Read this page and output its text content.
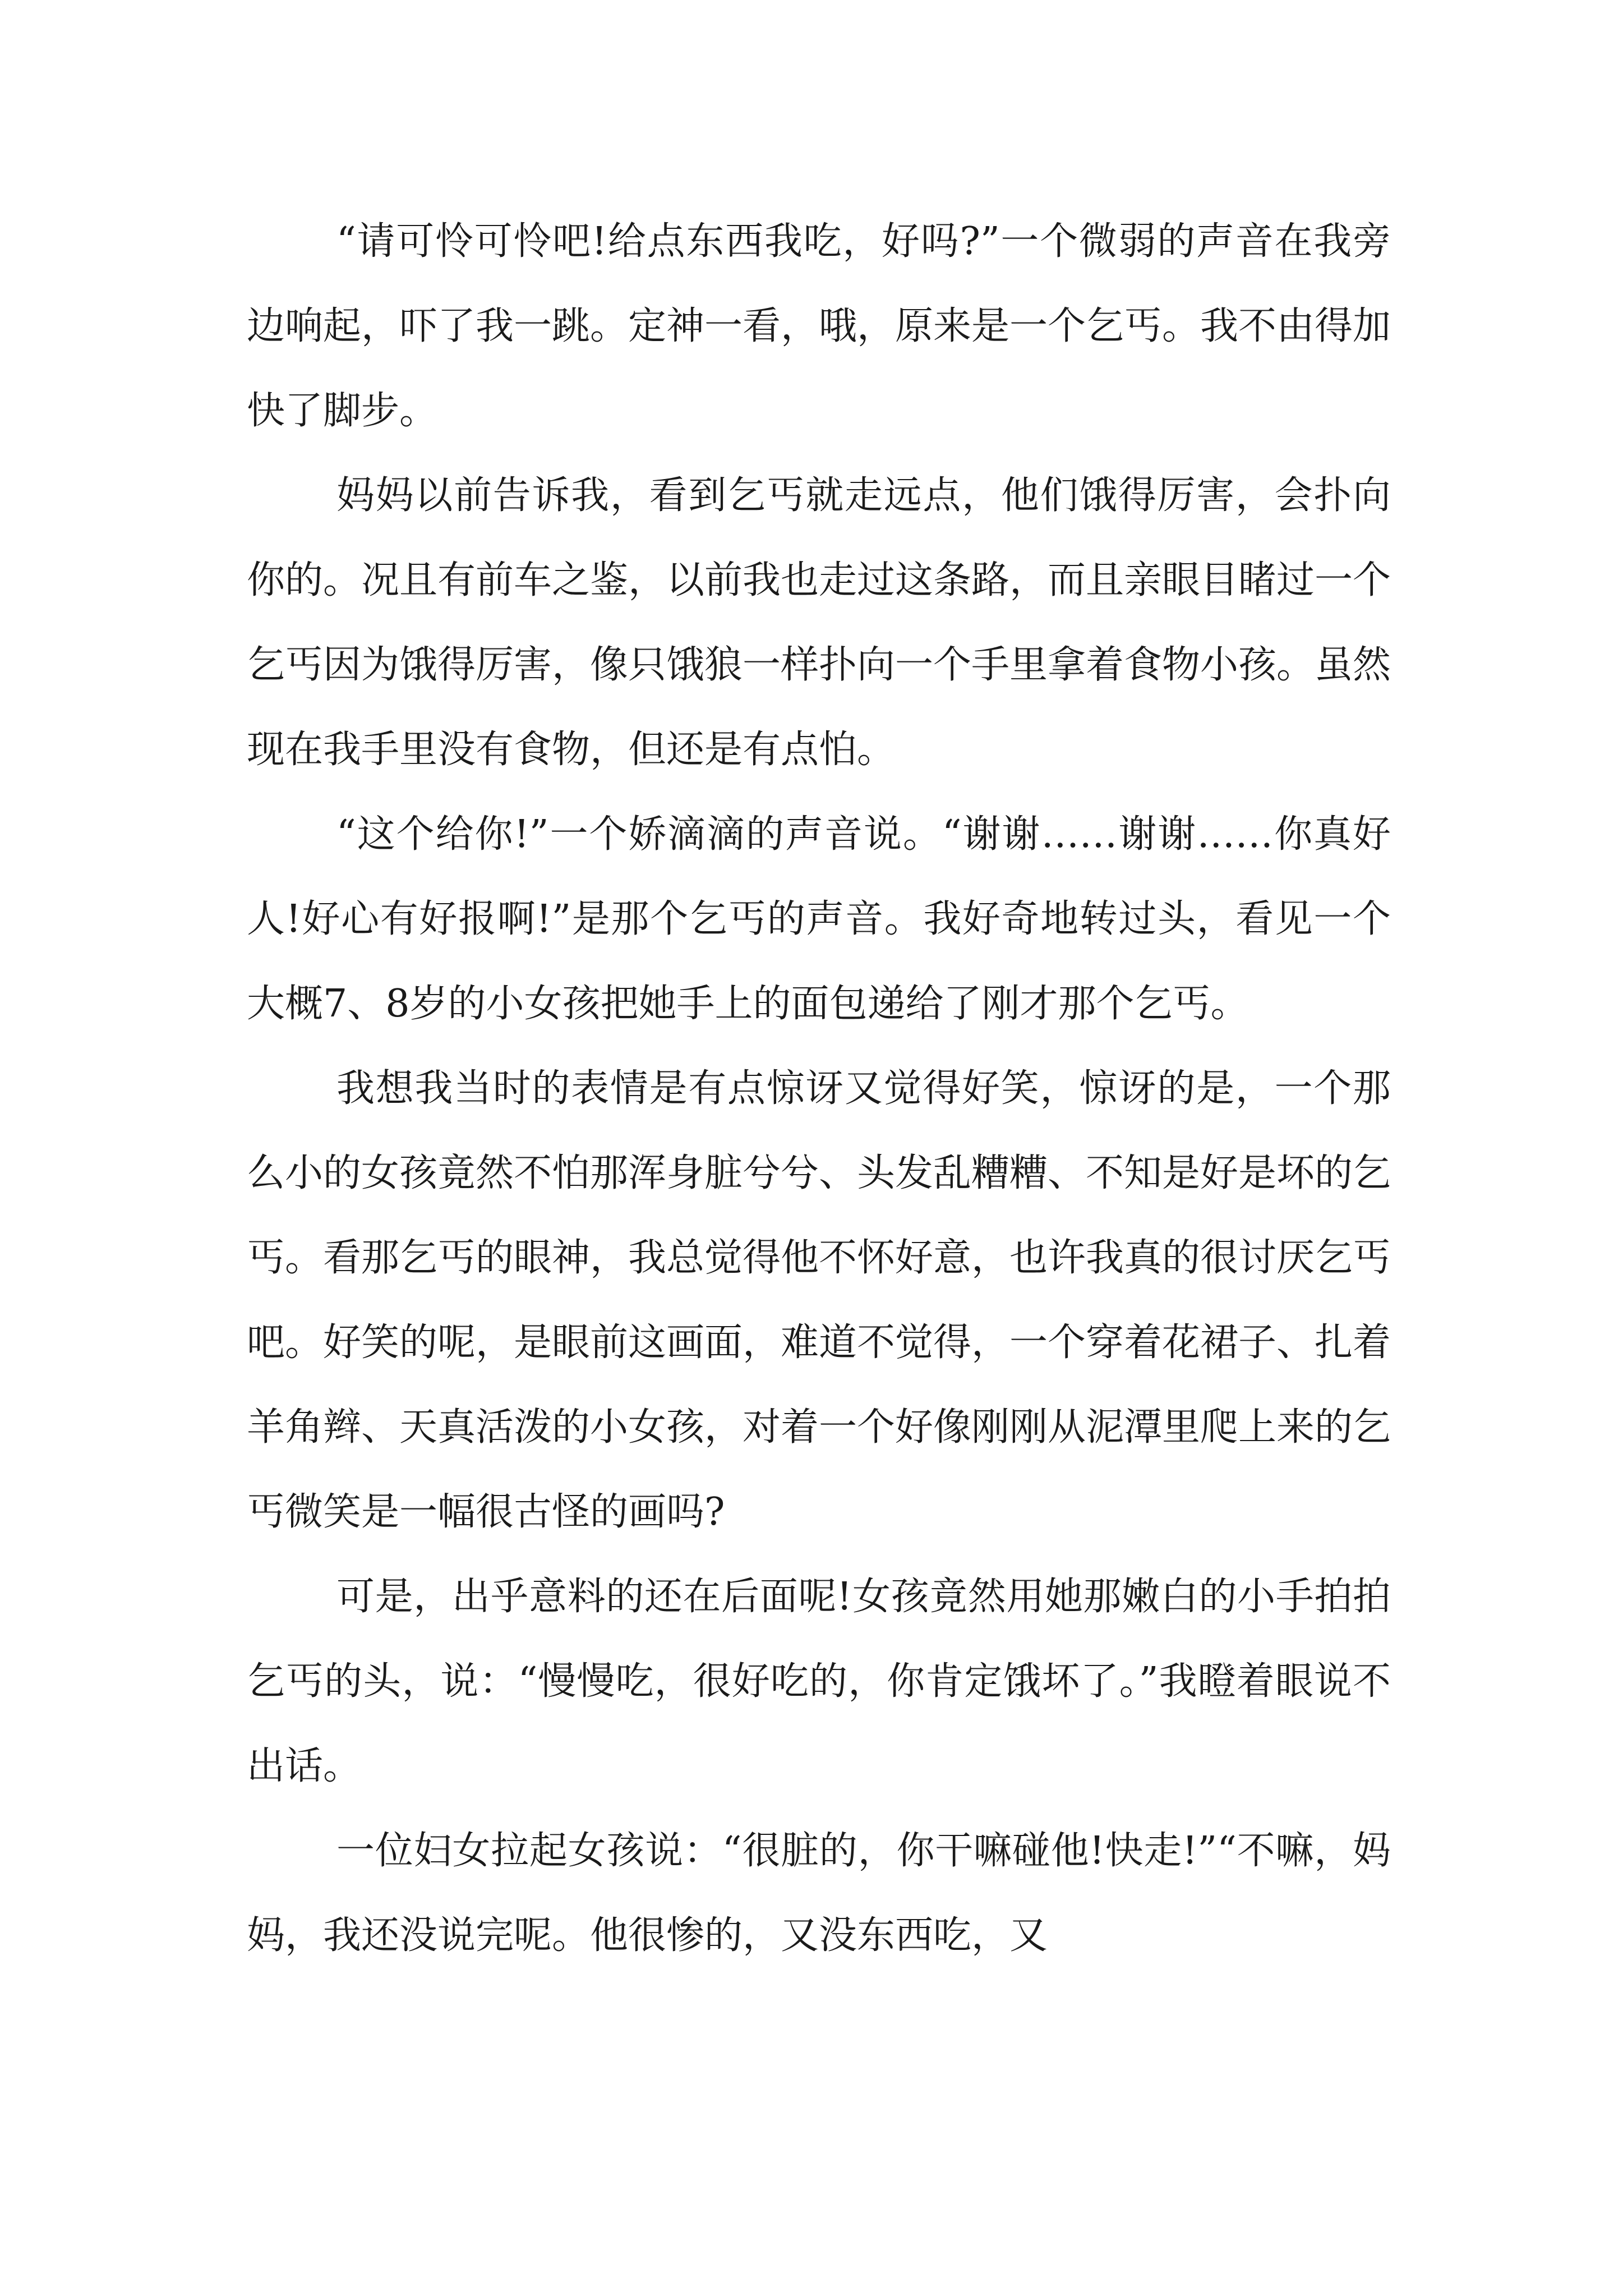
“请可怜可怜吧!给点东西我吃，好吗?”一个微弱的声音在我旁边响起，吓了我一跳。定神一看，哦，原来是一个乞丐。我不由得加快了脚步。

妈妈以前告诉我，看到乞丐就走远点，他们饿得厉害，会扑向你的。况且有前车之鉴，以前我也走过这条路，而且亲眼目睹过一个乞丐因为饿得厉害，像只饿狼一样扑向一个手里拿着食物小孩。虽然现在我手里没有食物，但还是有点怕。

“这个给你!”一个娇滴滴的声音说。“谢谢……谢谢……你真好人!好心有好报啊!”是那个乞丐的声音。我好奇地转过头，看见一个大概7、8岁的小女孩把她手上的面包递给了刚才那个乞丐。

我想我当时的表情是有点惊讶又觉得好笑，惊讶的是，一个那么小的女孩竟然不怕那浑身脏兮兮、头发乱糟糟、不知是好是坏的乞丐。看那乞丐的眼神，我总觉得他不怀好意，也许我真的很讨厌乞丐吧。好笑的呢，是眼前这画面，难道不觉得，一个穿着花裙子、扎着羊角辫、天真活泼的小女孩，对着一个好像刚刚从泥潭里爬上来的乞丐微笑是一幅很古怪的画吗?

可是，出乎意料的还在后面呢!女孩竟然用她那嫩白的小手拍拍乞丐的头，说：“慢慢吃，很好吃的，你肯定饿坏了。”我瞪着眼说不出话。

一位妇女拉起女孩说：“很脏的，你干嘛碰他!快走!”“不嘛，妈妈，我还没说完呢。他很惨的，又没东西吃，又
